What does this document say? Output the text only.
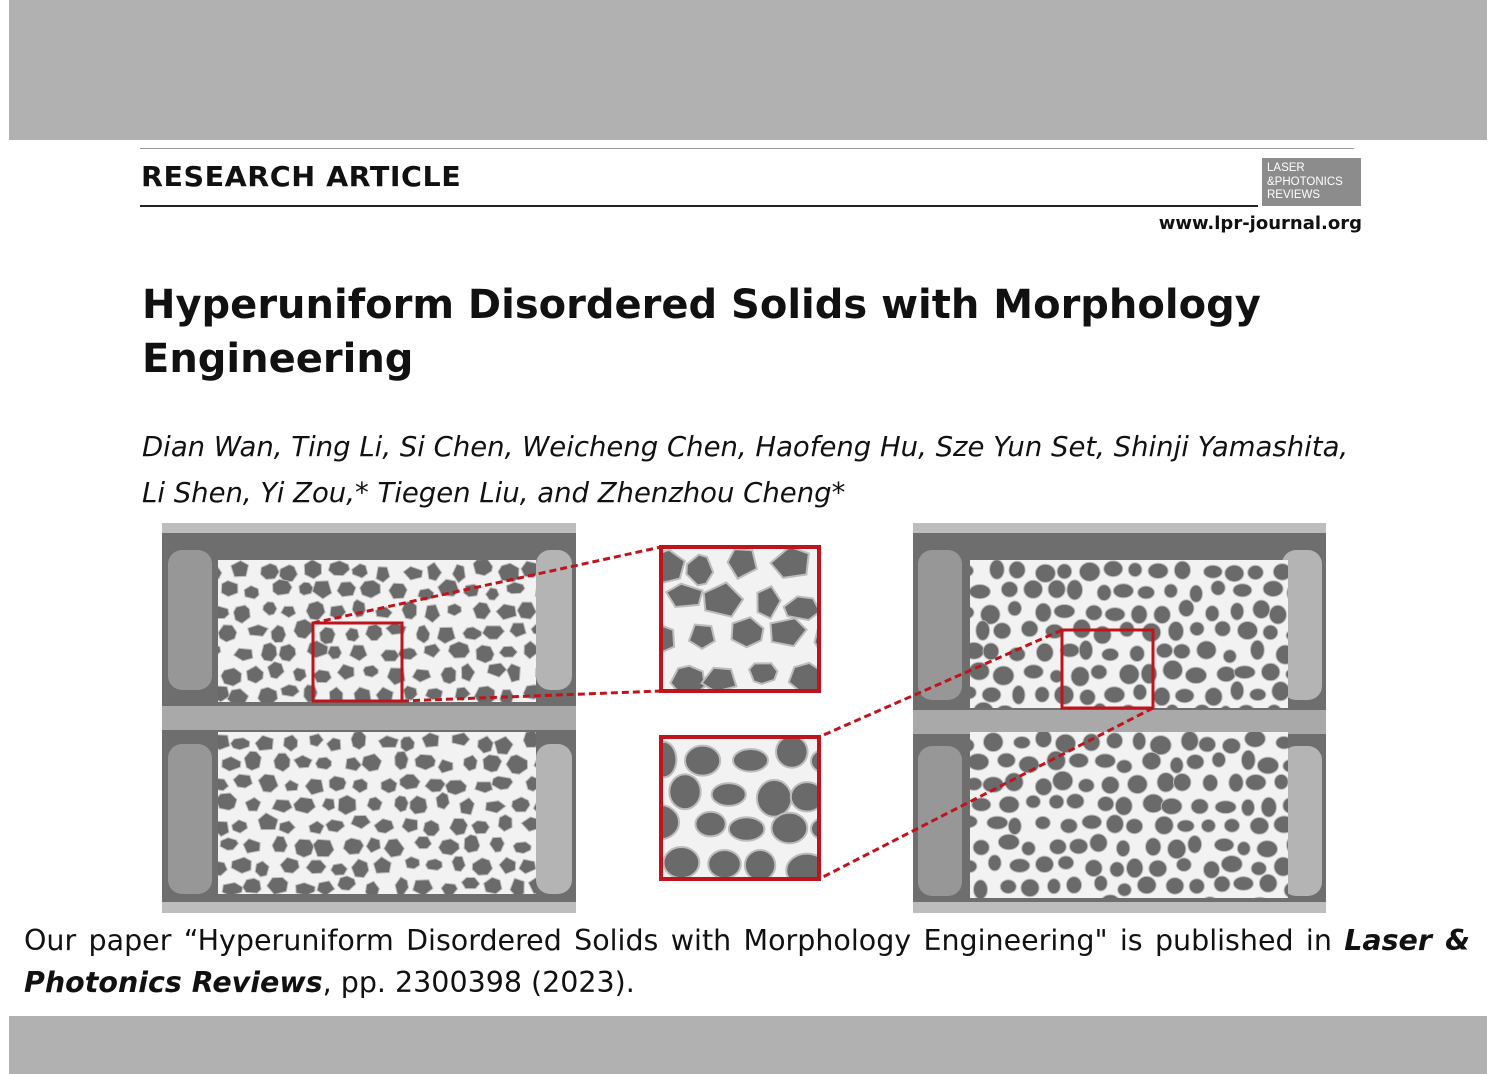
RESEARCH ARTICLE	LASER
&PHOTONICS
REVIEWS
www.lpr-journal.org
Hyperuniform Disordered Solids with Morphology Engineering

Dian Wan, Ting Li, Si Chen, Weicheng Chen, Haofeng Hu, Sze Yun Set, Shinji Yamashita,
Li Shen, Yi Zou,* Tiegen Liu, and Zhenzhou Cheng*

Our paper “Hyperuniform Disordered Solids with Morphology Engineering" is published in Laser & Photonics Reviews, pp. 2300398 (2023).
